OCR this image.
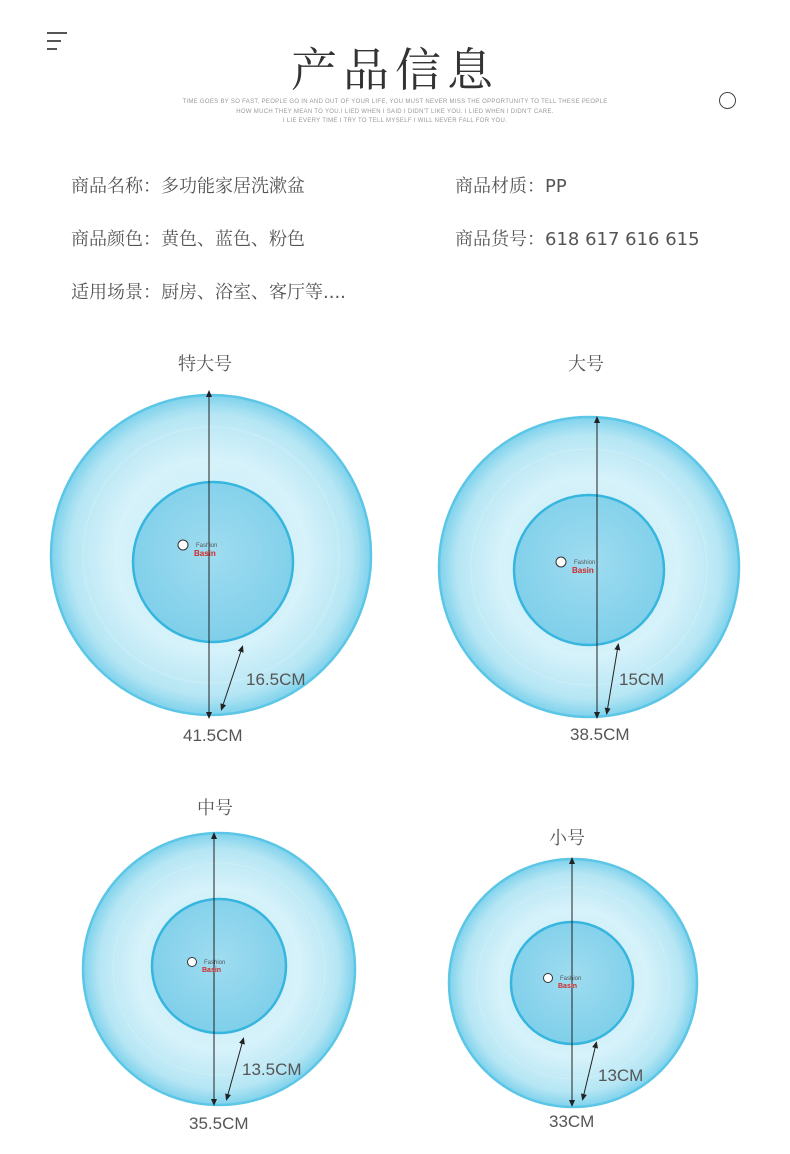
产品信息
TIME GOES BY SO FAST, PEOPLE GO IN AND OUT OF YOUR LIFE, YOU MUST NEVER MISS THE OPPORTUNITY TO TELL THESE PEOPLE
HOW MUCH THEY MEAN TO YOU.I LIED WHEN I SAID I DIDN'T LIKE YOU. I LIED WHEN I DIDN'T CARE.
I LIE EVERY TIME I TRY TO TELL MYSELF I WILL NEVER FALL FOR YOU.
商品名称：多功能家居洗漱盆	商品材质：PP
商品颜色：黄色、蓝色、粉色	商品货号：618 617 616 615
适用场景：厨房、浴室、客厅等....
Fashion
Basin
Fashion
Basin
Fashion
Basin
Fashion
Basin
特大号
16.5CM
41.5CM
大号
15CM
38.5CM
中号
13.5CM
35.5CM
小号
13CM
33CM
